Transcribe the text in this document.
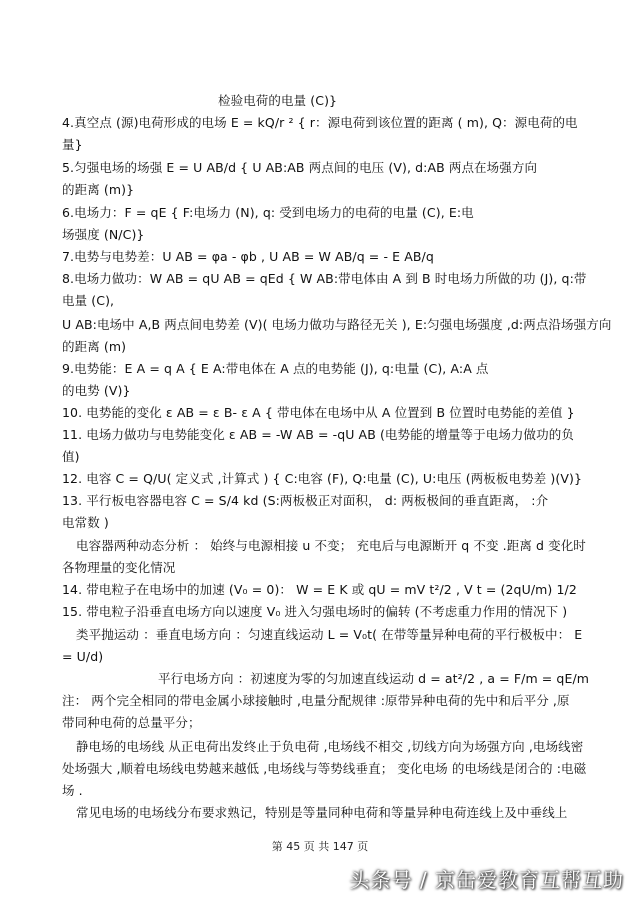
检验电荷的电量 (C)}
4.真空点 (源)电荷形成的电场 E = kQ/r ² { r：源电荷到该位置的距离 ( m), Q：源电荷的电
量}
5.匀强电场的场强 E = U AB/d { U AB:AB 两点间的电压 (V), d:AB 两点在场强方向
的距离 (m)}
6.电场力：F = qE { F:电场力 (N), q: 受到电场力的电荷的电量 (C), E:电
场强度 (N/C)}
7.电势与电势差：U AB = φa - φb , U AB = W AB/q = - E AB/q
8.电场力做功：W AB = qU AB = qEd { W AB:带电体由 A 到 B 时电场力所做的功 (J), q:带
电量 (C),
U AB:电场中 A,B 两点间电势差 (V)( 电场力做功与路径无关 ), E:匀强电场强度 ,d:两点沿场强方向
的距离 (m)
9.电势能：E A = q A { E A:带电体在 A 点的电势能 (J), q:电量 (C), A:A 点
的电势 (V)}
10. 电势能的变化 ε AB = ε B- ε A { 带电体在电场中从 A 位置到 B 位置时电势能的差值 }
11. 电场力做功与电势能变化 ε AB = -W AB = -qU AB (电势能的增量等于电场力做功的负
值)
12. 电容 C = Q/U( 定义式 ,计算式 ) { C:电容 (F), Q:电量 (C), U:电压 (两板板电势差 )(V)}
13. 平行板电容器电容 C = S/4 kd (S:两板极正对面积， d: 两板极间的垂直距离， :介
电常数 )
电容器两种动态分析 ： 始终与电源相接 u 不变； 充电后与电源断开 q 不变 .距离 d 变化时
各物理量的变化情况
14. 带电粒子在电场中的加速 (V₀ = 0)： W = E K 或 qU = mV t²/2 , V t = (2qU/m) 1/2
15. 带电粒子沿垂直电场方向以速度 V₀ 进入匀强电场时的偏转 (不考虑重力作用的情况下 )
类平抛运动 ：垂直电场方向 ：匀速直线运动 L = V₀t( 在带等量异种电荷的平行极板中： E
= U/d)
平行电场方向 ：初速度为零的匀加速直线运动 d = at²/2 , a = F/m = qE/m
注： 两个完全相同的带电金属小球接触时 ,电量分配规律 :原带异种电荷的先中和后平分 ,原
带同种电荷的总量平分；
静电场的电场线 从正电荷出发终止于负电荷 ,电场线不相交 ,切线方向为场强方向 ,电场线密
处场强大 ,顺着电场线电势越来越低 ,电场线与等势线垂直； 变化电场 的电场线是闭合的 :电磁
场 .
常见电场的电场线分布要求熟记，特别是等量同种电荷和等量异种电荷连线上及中垂线上
第 45 页 共 147 页
头条号 / 京缶爱教育互帮互助
